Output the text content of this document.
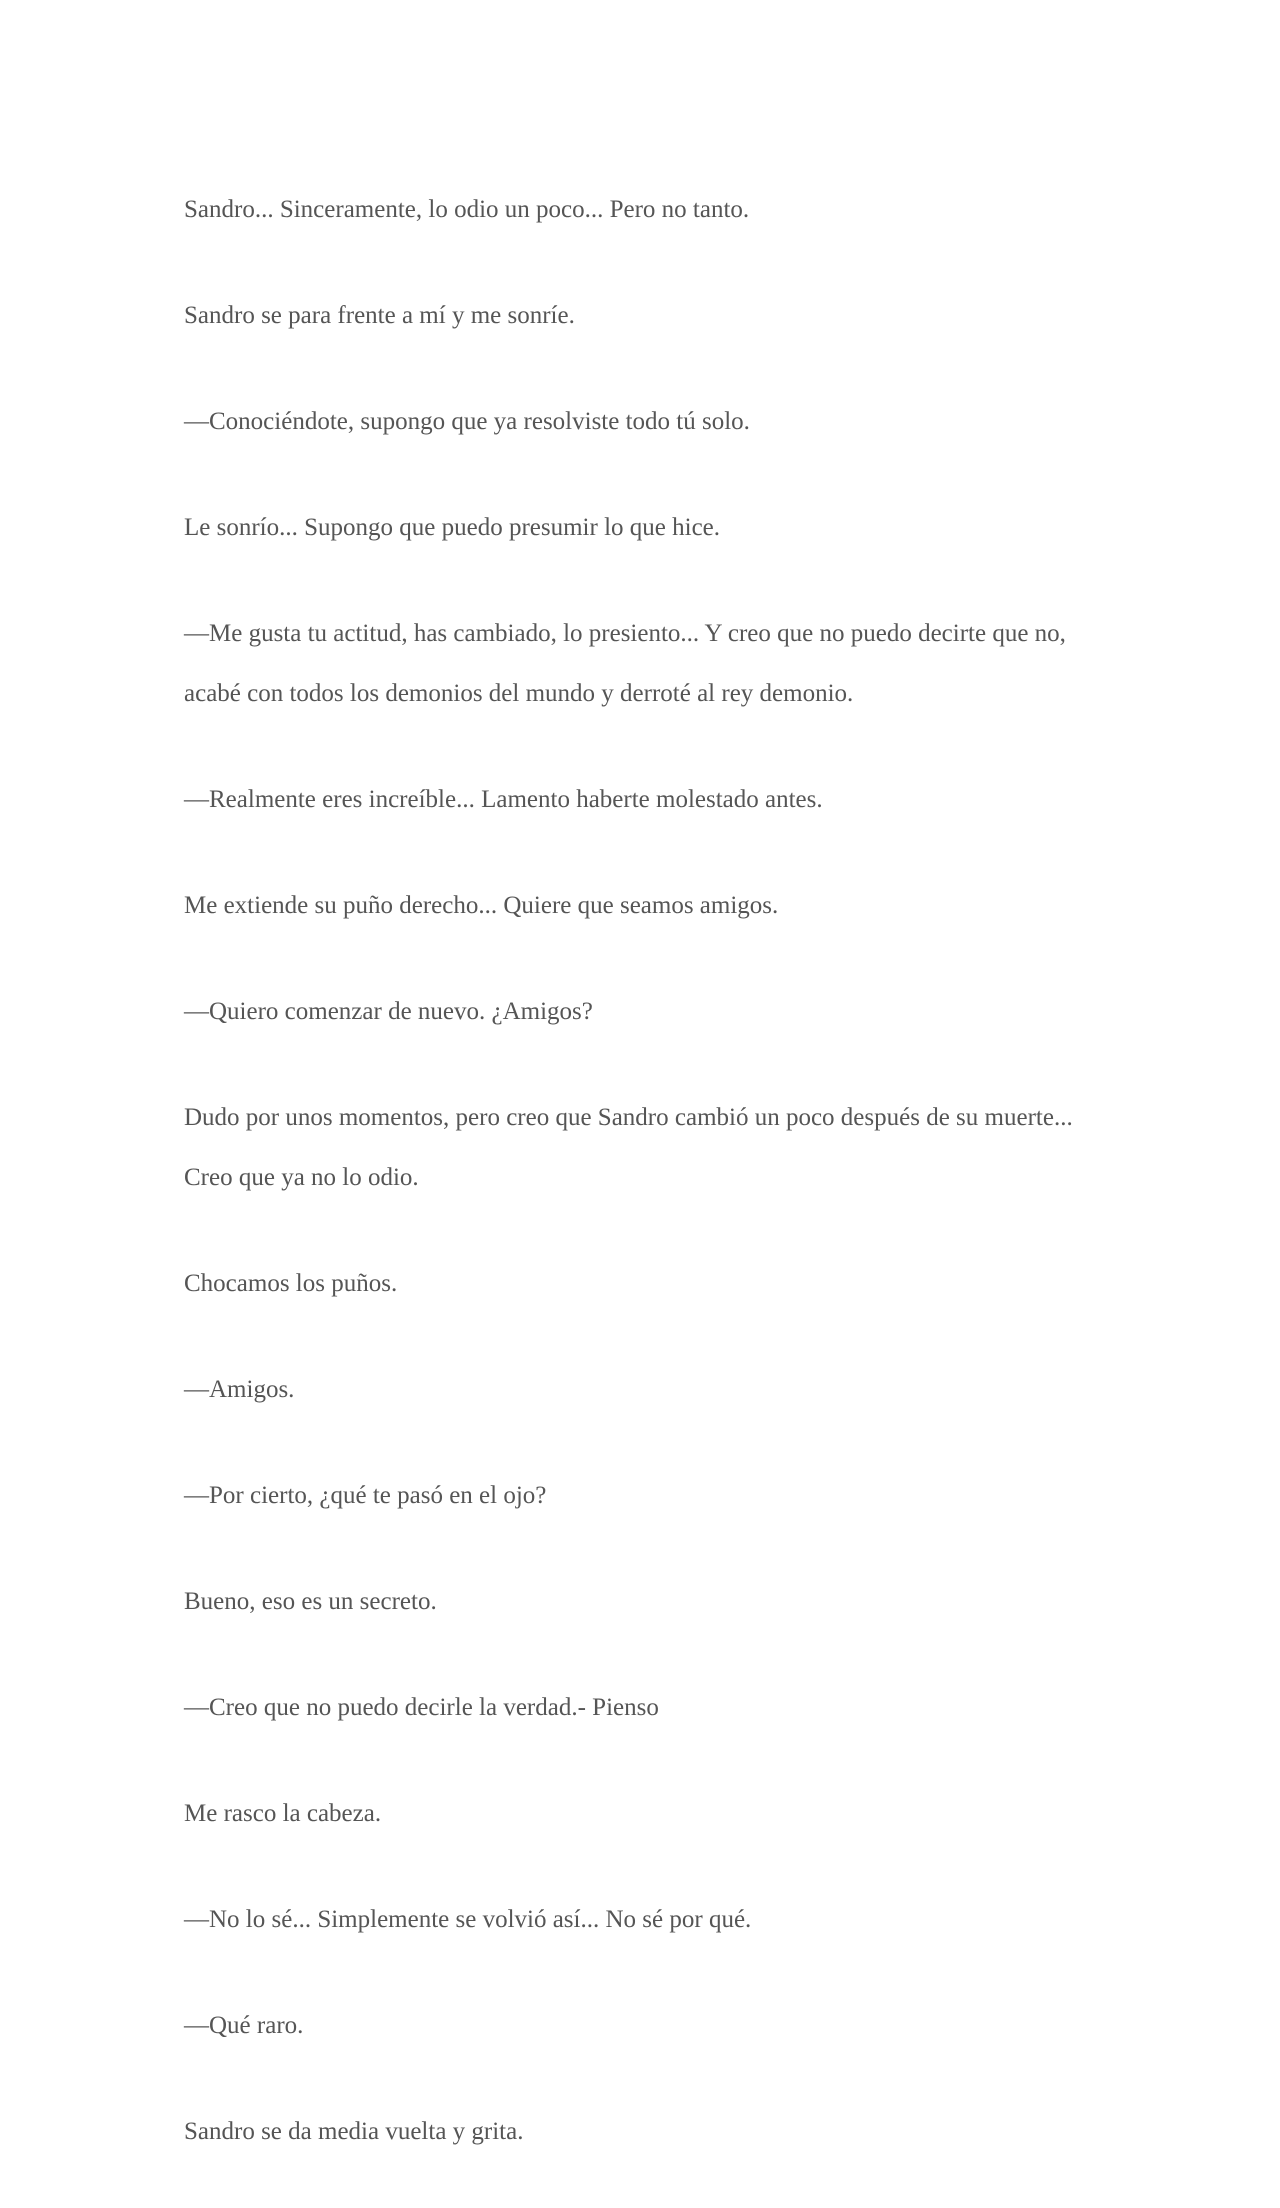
Sandro... Sinceramente, lo odio un poco... Pero no tanto.

Sandro se para frente a mí y me sonríe.

—Conociéndote, supongo que ya resolviste todo tú solo.

Le sonrío... Supongo que puedo presumir lo que hice.

—Me gusta tu actitud, has cambiado, lo presiento... Y creo que no puedo decirte que no, acabé con todos los demonios del mundo y derroté al rey demonio.

—Realmente eres increíble... Lamento haberte molestado antes.

Me extiende su puño derecho... Quiere que seamos amigos.

—Quiero comenzar de nuevo. ¿Amigos?

Dudo por unos momentos, pero creo que Sandro cambió un poco después de su muerte... Creo que ya no lo odio.

Chocamos los puños.

—Amigos.

—Por cierto, ¿qué te pasó en el ojo?

Bueno, eso es un secreto.

—Creo que no puedo decirle la verdad.- Pienso

Me rasco la cabeza.

—No lo sé... Simplemente se volvió así... No sé por qué.

—Qué raro.

Sandro se da media vuelta y grita.
